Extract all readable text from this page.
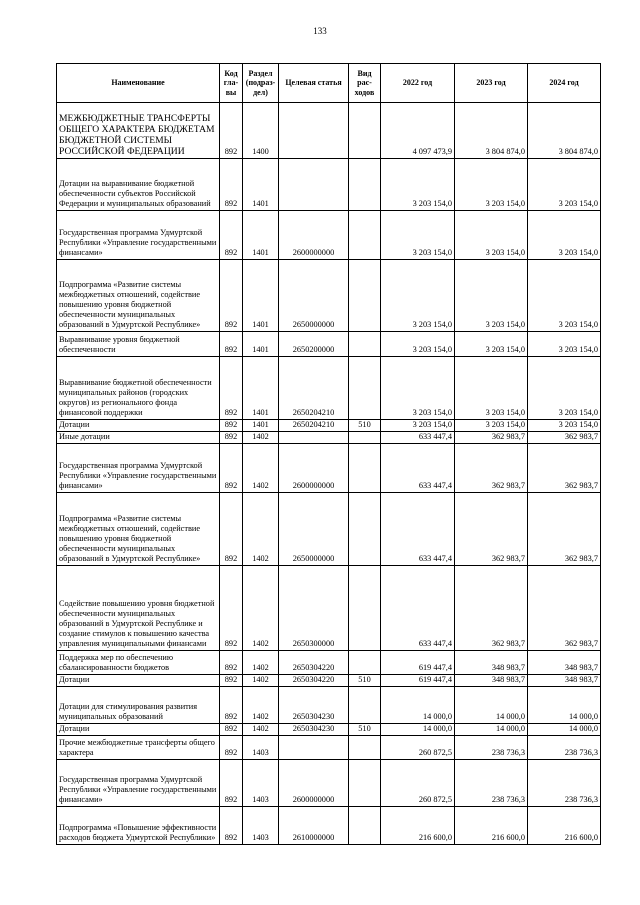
133
Наименование	Код
гла-
вы	Раздел
(подраз-
дел)	Целевая статья	Вид
рас-
ходов	2022 год	2023 год	2024 год
МЕЖБЮДЖЕТНЫЕ ТРАНСФЕРТЫ ОБЩЕГО ХАРАКТЕРА БЮДЖЕТАМ БЮДЖЕТНОЙ СИСТЕМЫ РОССИЙСКОЙ ФЕДЕРАЦИИ	892	1400			4 097 473,9	3 804 874,0	3 804 874,0
Дотации на выравнивание бюджетной обеспеченности субъектов Российской Федерации и муниципальных образований	892	1401			3 203 154,0	3 203 154,0	3 203 154,0
Государственная программа Удмуртской Республики «Управление государственными финансами»	892	1401	2600000000		3 203 154,0	3 203 154,0	3 203 154,0
Подпрограмма «Развитие системы межбюджетных отношений, содействие повышению уровня бюджетной обеспеченности муниципальных образований в Удмуртской Республике»	892	1401	2650000000		3 203 154,0	3 203 154,0	3 203 154,0
Выравнивание уровня бюджетной обеспеченности	892	1401	2650200000		3 203 154,0	3 203 154,0	3 203 154,0
Выравнивание бюджетной обеспеченности муниципальных районов (городских округов) из регионального фонда финансовой поддержки	892	1401	2650204210		3 203 154,0	3 203 154,0	3 203 154,0
Дотации	892	1401	2650204210	510	3 203 154,0	3 203 154,0	3 203 154,0
Иные дотации	892	1402			633 447,4	362 983,7	362 983,7
Государственная программа Удмуртской Республики «Управление государственными финансами»	892	1402	2600000000		633 447,4	362 983,7	362 983,7
Подпрограмма «Развитие системы межбюджетных отношений, содействие повышению уровня бюджетной обеспеченности муниципальных образований в Удмуртской Республике»	892	1402	2650000000		633 447,4	362 983,7	362 983,7
Содействие повышению уровня бюджетной обеспеченности муниципальных образований в Удмуртской Республике и создание стимулов к повышению качества управления муниципальными финансами	892	1402	2650300000		633 447,4	362 983,7	362 983,7
Поддержка мер по обеспечению сбалансированности бюджетов	892	1402	2650304220		619 447,4	348 983,7	348 983,7
Дотации	892	1402	2650304220	510	619 447,4	348 983,7	348 983,7
Дотации для стимулирования развития муниципальных образований	892	1402	2650304230		14 000,0	14 000,0	14 000,0
Дотации	892	1402	2650304230	510	14 000,0	14 000,0	14 000,0
Прочие межбюджетные трансферты общего характера	892	1403			260 872,5	238 736,3	238 736,3
Государственная программа Удмуртской Республики «Управление государственными финансами»	892	1403	2600000000		260 872,5	238 736,3	238 736,3
Подпрограмма «Повышение эффективности расходов бюджета Удмуртской Республики»	892	1403	2610000000		216 600,0	216 600,0	216 600,0
